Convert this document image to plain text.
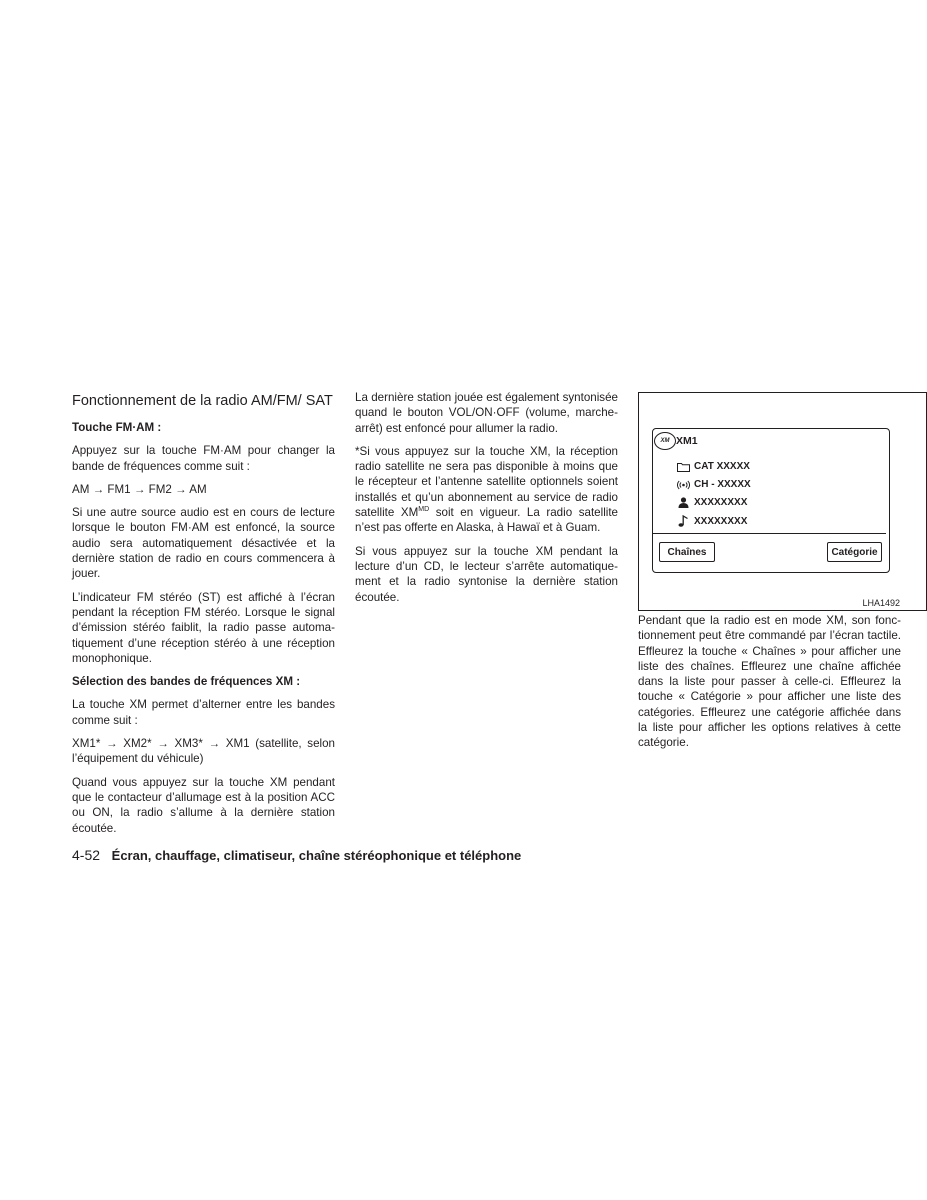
Fonctionnement de la radio AM/FM/ SAT

Touche FM·AM :

Appuyez sur la touche FM·AM pour changer la bande de fréquences comme suit :

AM → FM1 → FM2 → AM

Si une autre source audio est en cours de lecture lorsque le bouton FM·AM est enfoncé, la source audio sera automatiquement désactivée et la dernière station de radio en cours commencera à jouer.

L’indicateur FM stéréo (ST) est affiché à l’écran pendant la réception FM stéréo. Lorsque le signal d’émission stéréo faiblit, la radio passe automatiquement d’une réception stéréo à une réception monophonique.

Sélection des bandes de fréquences XM :

La touche XM permet d’alterner entre les bandes comme suit :

XM1* → XM2* → XM3* → XM1 (satellite, selon l’équipement du véhicule)

Quand vous appuyez sur la touche XM pendant que le contacteur d’allumage est à la position ACC ou ON, la radio s’allume à la dernière station écoutée.

La dernière station jouée est également syntonisée quand le bouton VOL/ON·OFF (volume, marche-arrêt) est enfoncé pour allumer la radio.

*Si vous appuyez sur la touche XM, la réception radio satellite ne sera pas disponible à moins que le récepteur et l’antenne satellite optionnels soient installés et qu’un abonnement au service de radio satellite $XM^{MD}$ soit en vigueur. La radio satellite n’est pas offerte en Alaska, à Hawaï et à Guam.

Si vous appuyez sur la touche XM pendant la lecture d’un CD, le lecteur s’arrête automatiquement et la radio syntonise la dernière station écoutée.

XM XM1
CAT XXXXX
CH - XXXXX
XXXXXXXX
XXXXXXXX
Chaînes	Catégorie
LHA1492

Pendant que la radio est en mode XM, son fonctionnement peut être commandé par l’écran tactile. Effleurez la touche « Chaînes » pour afficher une liste des chaînes. Effleurez une chaîne affichée dans la liste pour passer à celle-ci. Effleurez la touche « Catégorie » pour afficher une liste des catégories. Effleurez une catégorie affichée dans la liste pour afficher les options relatives à cette catégorie.

4-52 Écran, chauffage, climatiseur, chaîne stéréophonique et téléphone
